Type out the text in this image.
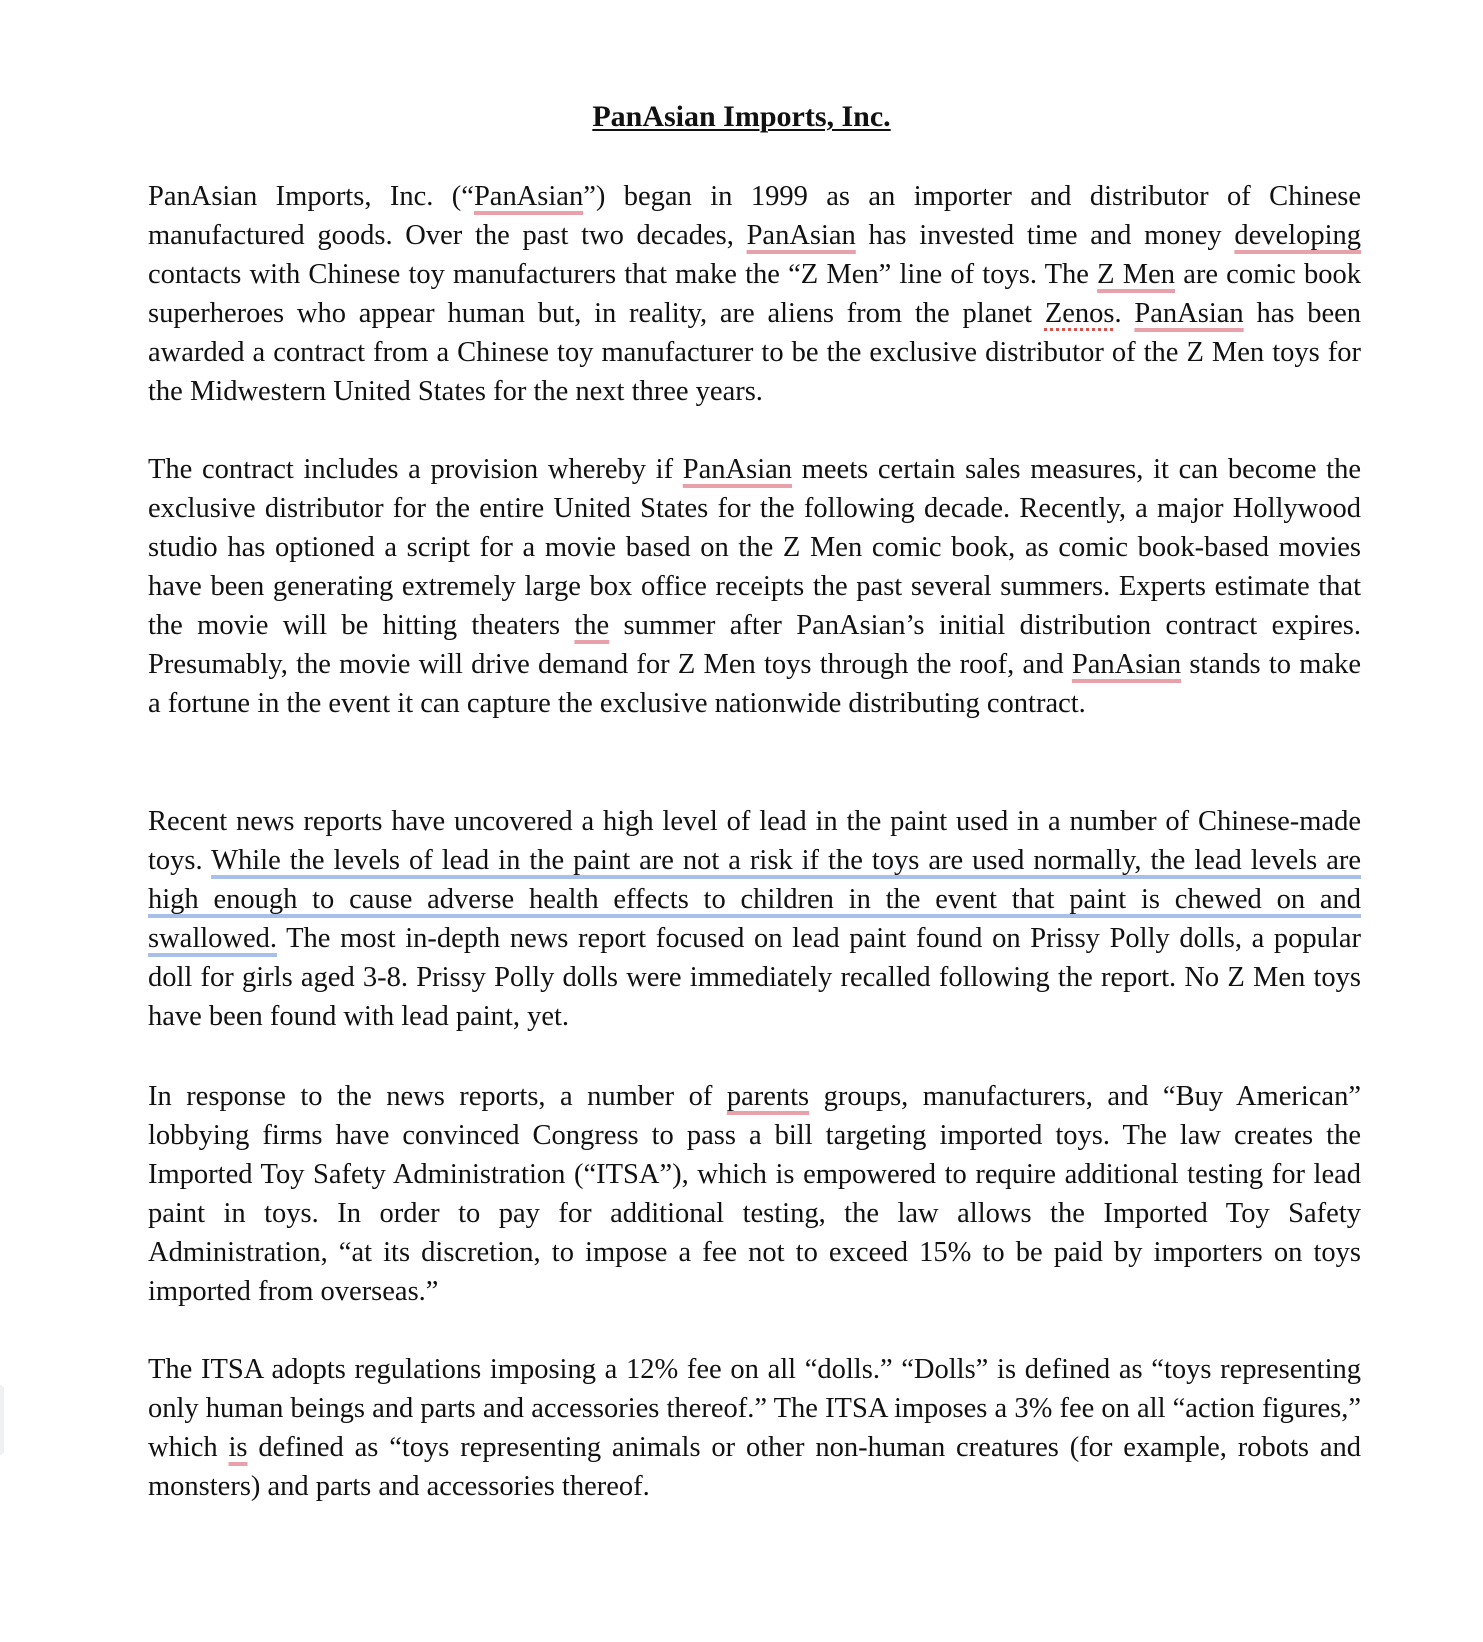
PanAsian Imports, Inc.

PanAsian Imports, Inc. (“PanAsian”) began in 1999 as an importer and distributor of Chinese manufactured goods. Over the past two decades, PanAsian has invested time and money developing contacts with Chinese toy manufacturers that make the “Z Men” line of toys. The Z Men are comic book superheroes who appear human but, in reality, are aliens from the planet Zenos. PanAsian has been awarded a contract from a Chinese toy manufacturer to be the exclusive distributor of the Z Men toys for the Midwestern United States for the next three years.

The contract includes a provision whereby if PanAsian meets certain sales measures, it can become the exclusive distributor for the entire United States for the following decade. Recently, a major Hollywood studio has optioned a script for a movie based on the Z Men comic book, as comic book-based movies have been generating extremely large box office receipts the past several summers. Experts estimate that the movie will be hitting theaters the summer after PanAsian’s initial distribution contract expires. Presumably, the movie will drive demand for Z Men toys through the roof, and PanAsian stands to make a fortune in the event it can capture the exclusive nationwide distributing contract.

Recent news reports have uncovered a high level of lead in the paint used in a number of Chinese-made toys. While the levels of lead in the paint are not a risk if the toys are used normally, the lead levels are high enough to cause adverse health effects to children in the event that paint is chewed on and swallowed. The most in-depth news report focused on lead paint found on Prissy Polly dolls, a popular doll for girls aged 3-8. Prissy Polly dolls were immediately recalled following the report. No Z Men toys have been found with lead paint, yet.

In response to the news reports, a number of parents groups, manufacturers, and “Buy American” lobbying firms have convinced Congress to pass a bill targeting imported toys. The law creates the Imported Toy Safety Administration (“ITSA”), which is empowered to require additional testing for lead paint in toys. In order to pay for additional testing, the law allows the Imported Toy Safety Administration, “at its discretion, to impose a fee not to exceed 15% to be paid by importers on toys imported from overseas.”

The ITSA adopts regulations imposing a 12% fee on all “dolls.” “Dolls” is defined as “toys representing only human beings and parts and accessories thereof.” The ITSA imposes a 3% fee on all “action figures,” which is defined as “toys representing animals or other non-human creatures (for example, robots and monsters) and parts and accessories thereof.
